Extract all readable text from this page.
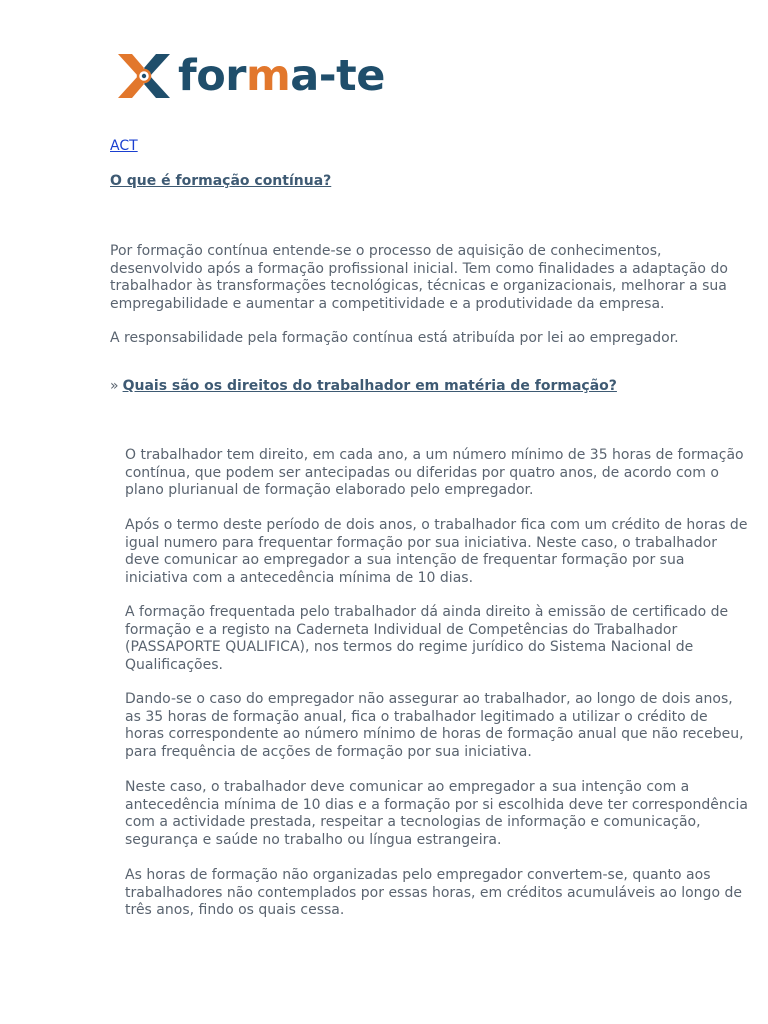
forma-te
ACT
O que é formação contínua?

Por formação contínua entende-se o processo de aquisição de conhecimentos, desenvolvido após a formação profissional inicial. Tem como finalidades a adaptação do trabalhador às transformações tecnológicas, técnicas e organizacionais, melhorar a sua empregabilidade e aumentar a competitividade e a produtividade da empresa.

A responsabilidade pela formação contínua está atribuída por lei ao empregador.

» Quais são os direitos do trabalhador em matéria de formação?

O trabalhador tem direito, em cada ano, a um número mínimo de 35 horas de formação contínua, que podem ser antecipadas ou diferidas por quatro anos, de acordo com o plano plurianual de formação elaborado pelo empregador.

Após o termo deste período de dois anos, o trabalhador fica com um crédito de horas de igual numero para frequentar formação por sua iniciativa. Neste caso, o trabalhador deve comunicar ao empregador a sua intenção de frequentar formação por sua iniciativa com a antecedência mínima de 10 dias.

A formação frequentada pelo trabalhador dá ainda direito à emissão de certificado de formação e a registo na Caderneta Individual de Competências do Trabalhador (PASSAPORTE QUALIFICA), nos termos do regime jurídico do Sistema Nacional de Qualificações.

Dando-se o caso do empregador não assegurar ao trabalhador, ao longo de dois anos, as 35 horas de formação anual, fica o trabalhador legitimado a utilizar o crédito de horas correspondente ao número mínimo de horas de formação anual que não recebeu, para frequência de acções de formação por sua iniciativa.

Neste caso, o trabalhador deve comunicar ao empregador a sua intenção com a antecedência mínima de 10 dias e a formação por si escolhida deve ter correspondência com a actividade prestada, respeitar a tecnologias de informação e comunicação, segurança e saúde no trabalho ou língua estrangeira.

As horas de formação não organizadas pelo empregador convertem-se, quanto aos trabalhadores não contemplados por essas horas, em créditos acumuláveis ao longo de três anos, findo os quais cessa.
